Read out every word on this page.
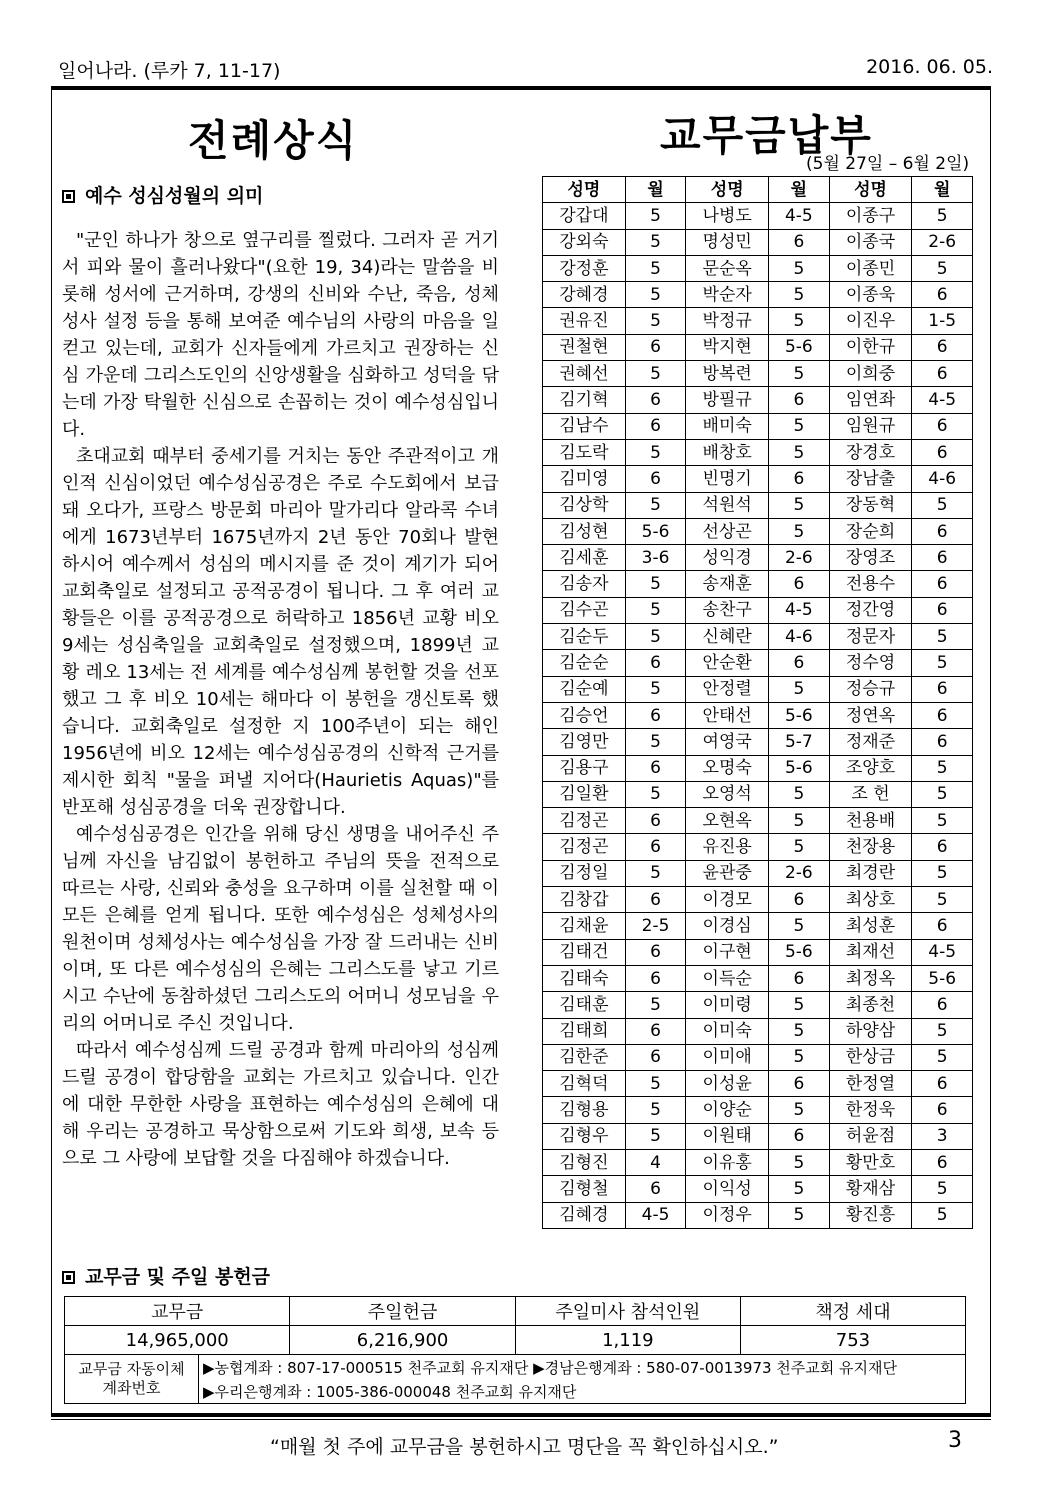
일어나라. (루카 7, 11-17)	2016. 06. 05.
전례상식	교무금납부
(5월 27일 – 6월 2일)
예수 성심성월의 의미

"군인 하나가 창으로 옆구리를 찔렀다. 그러자 곧 거기서 피와 물이 흘러나왔다"(요한 19, 34)라는 말씀을 비롯해 성서에 근거하며, 강생의 신비와 수난, 죽음, 성체성사 설정 등을 통해 보여준 예수님의 사랑의 마음을 일컫고 있는데, 교회가 신자들에게 가르치고 권장하는 신심 가운데 그리스도인의 신앙생활을 심화하고 성덕을 닦는데 가장 탁월한 신심으로 손꼽히는 것이 예수성심입니다.

초대교회 때부터 중세기를 거치는 동안 주관적이고 개인적 신심이었던 예수성심공경은 주로 수도회에서 보급돼 오다가, 프랑스 방문회 마리아 말가리다 알라콕 수녀에게 1673년부터 1675년까지 2년 동안 70회나 발현하시어 예수께서 성심의 메시지를 준 것이 계기가 되어 교회축일로 설정되고 공적공경이 됩니다. 그 후 여러 교황들은 이를 공적공경으로 허락하고 1856년 교황 비오 9세는 성심축일을 교회축일로 설정했으며, 1899년 교황 레오 13세는 전 세계를 예수성심께 봉헌할 것을 선포했고 그 후 비오 10세는 해마다 이 봉헌을 갱신토록 했습니다. 교회축일로 설정한 지 100주년이 되는 해인 1956년에 비오 12세는 예수성심공경의 신학적 근거를 제시한 회칙 "물을 퍼낼 지어다(Haurietis Aquas)"를 반포해 성심공경을 더욱 권장합니다.

예수성심공경은 인간을 위해 당신 생명을 내어주신 주님께 자신을 남김없이 봉헌하고 주님의 뜻을 전적으로 따르는 사랑, 신뢰와 충성을 요구하며 이를 실천할 때 이 모든 은혜를 얻게 됩니다. 또한 예수성심은 성체성사의 원천이며 성체성사는 예수성심을 가장 잘 드러내는 신비이며, 또 다른 예수성심의 은혜는 그리스도를 낳고 기르시고 수난에 동참하셨던 그리스도의 어머니 성모님을 우리의 어머니로 주신 것입니다.

따라서 예수성심께 드릴 공경과 함께 마리아의 성심께 드릴 공경이 합당함을 교회는 가르치고 있습니다. 인간에 대한 무한한 사랑을 표현하는 예수성심의 은혜에 대해 우리는 공경하고 묵상함으로써 기도와 희생, 보속 등으로 그 사랑에 보답할 것을 다짐해야 하겠습니다.

성명	월	성명	월	성명	월
강갑대	5	나병도	4-5	이종구	5
강외숙	5	명성민	6	이종국	2-6
강정훈	5	문순옥	5	이종민	5
강혜경	5	박순자	5	이종욱	6
권유진	5	박정규	5	이진우	1-5
권철현	6	박지현	5-6	이한규	6
권혜선	5	방복련	5	이희중	6
김기혁	6	방필규	6	임연좌	4-5
김남수	6	배미숙	5	임원규	6
김도락	5	배창호	5	장경호	6
김미영	6	빈명기	6	장남출	4-6
김상학	5	석원석	5	장동혁	5
김성현	5-6	선상곤	5	장순희	6
김세훈	3-6	성익경	2-6	장영조	6
김송자	5	송재훈	6	전용수	6
김수곤	5	송찬구	4-5	정간영	6
김순두	5	신혜란	4-6	정문자	5
김순순	6	안순환	6	정수영	5
김순예	5	안정렬	5	정승규	6
김승언	6	안태선	5-6	정연옥	6
김영만	5	여영국	5-7	정재준	6
김용구	6	오명숙	5-6	조양호	5
김일환	5	오영석	5	조 헌	5
김정곤	6	오현옥	5	천용배	5
김정곤	6	유진용	5	천장용	6
김정일	5	윤관중	2-6	최경란	5
김창갑	6	이경모	6	최상호	5
김채윤	2-5	이경심	5	최성훈	6
김태건	6	이구현	5-6	최재선	4-5
김태숙	6	이득순	6	최정옥	5-6
김태훈	5	이미령	5	최종천	6
김태희	6	이미숙	5	하양삼	5
김한준	6	이미애	5	한상금	5
김혁덕	5	이성윤	6	한정열	6
김형용	5	이양순	5	한정욱	6
김형우	5	이원태	6	허윤점	3
김형진	4	이유홍	5	황만호	6
김형철	6	이익성	5	황재삼	5
김혜경	4-5	이정우	5	황진흥	5
교무금 및 주일 봉헌금
교무금	주일헌금	주일미사 참석인원	책정 세대
14,965,000	6,216,900	1,119	753

교무금 자동이체
계좌번호	▶농협계좌 : 807-17-000515 천주교회 유지재단 ▶경남은행계좌 : 580-07-0013973 천주교회 유지재단
▶우리은행계좌 : 1005-386-000048 천주교회 유지재단
“매월 첫 주에 교무금을 봉헌하시고 명단을 꼭 확인하십시오.”	3
